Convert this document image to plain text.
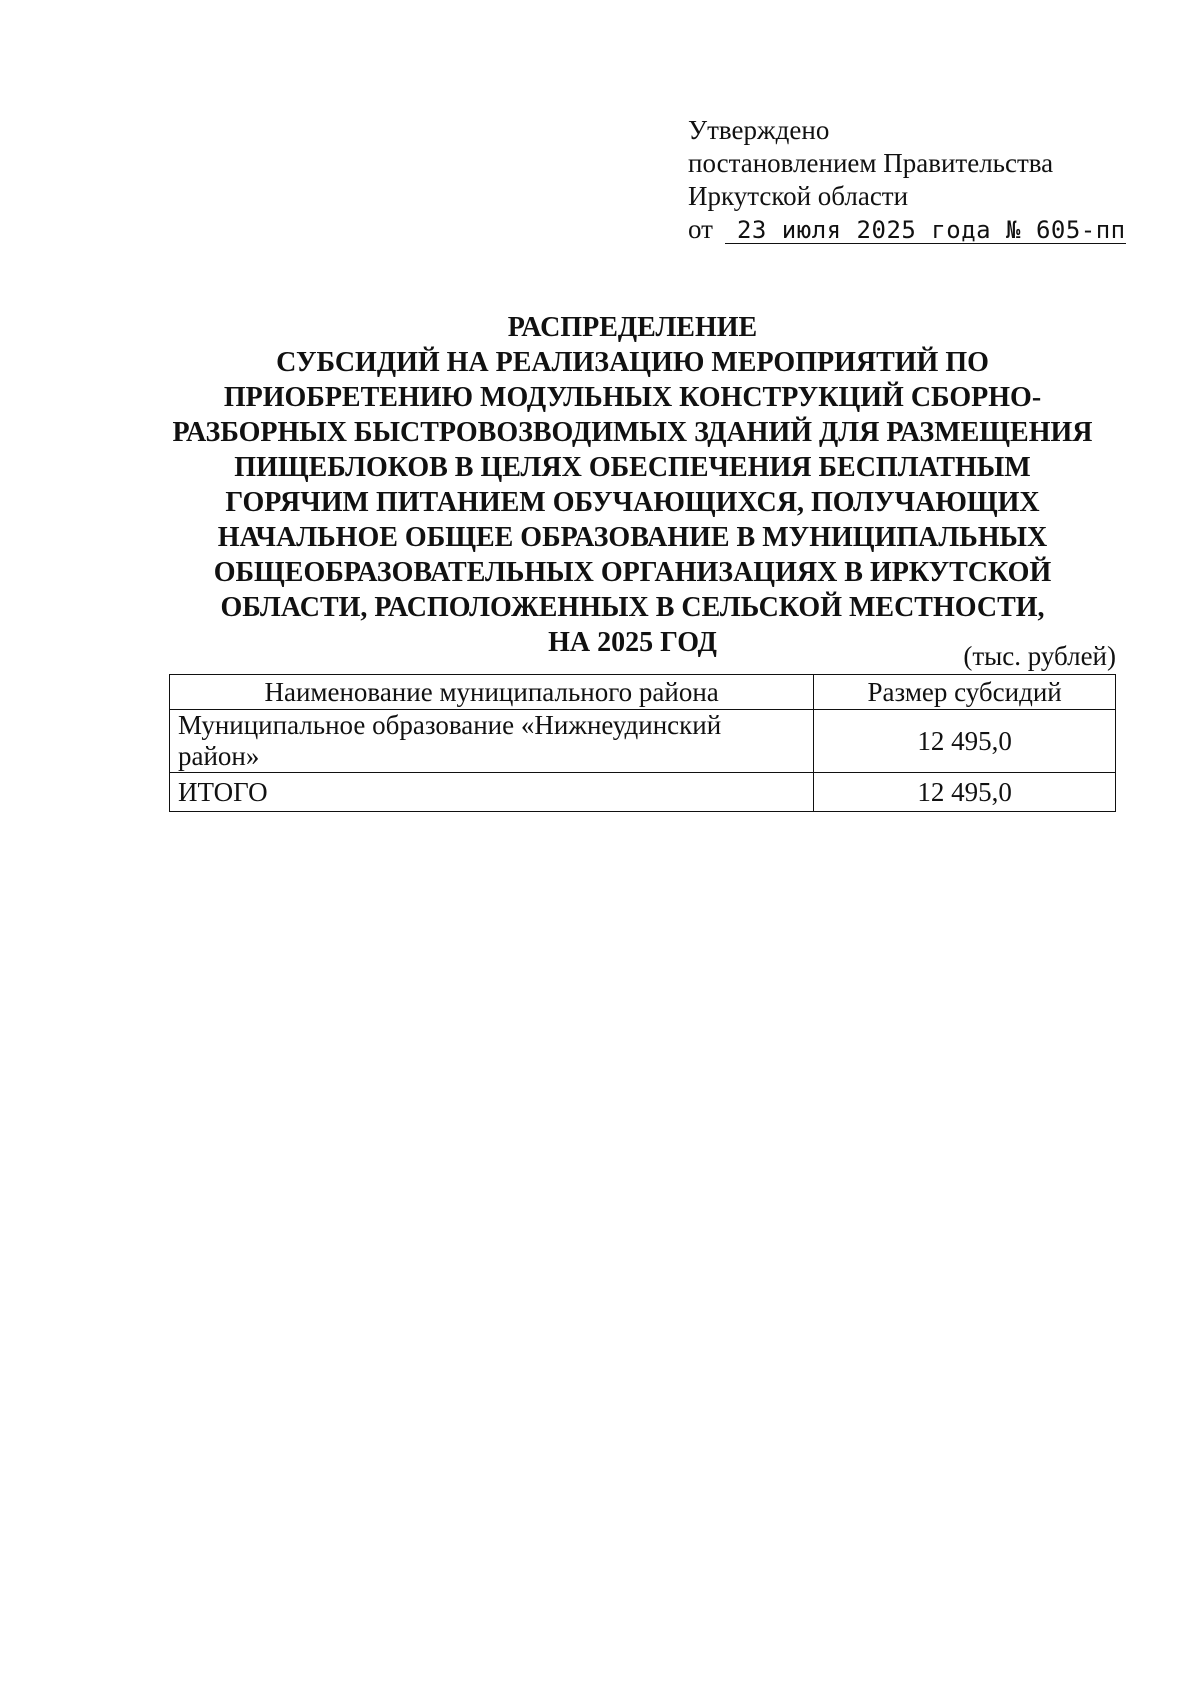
Утверждено
постановлением Правительства
Иркутской области
от 23 июля 2025 года № 605-пп
РАСПРЕДЕЛЕНИЕ
СУБСИДИЙ НА РЕАЛИЗАЦИЮ МЕРОПРИЯТИЙ ПО
ПРИОБРЕТЕНИЮ МОДУЛЬНЫХ КОНСТРУКЦИЙ СБОРНО-
РАЗБОРНЫХ БЫСТРОВОЗВОДИМЫХ ЗДАНИЙ ДЛЯ РАЗМЕЩЕНИЯ
ПИЩЕБЛОКОВ В ЦЕЛЯХ ОБЕСПЕЧЕНИЯ БЕСПЛАТНЫМ
ГОРЯЧИМ ПИТАНИЕМ ОБУЧАЮЩИХСЯ, ПОЛУЧАЮЩИХ
НАЧАЛЬНОЕ ОБЩЕЕ ОБРАЗОВАНИЕ В МУНИЦИПАЛЬНЫХ
ОБЩЕОБРАЗОВАТЕЛЬНЫХ ОРГАНИЗАЦИЯХ В ИРКУТСКОЙ
ОБЛАСТИ, РАСПОЛОЖЕННЫХ В СЕЛЬСКОЙ МЕСТНОСТИ,
НА 2025 ГОД	(тыс. рублей)
Наименование муниципального района	Размер субсидий
Муниципальное образование «Нижнеудинский
район»	12 495,0
ИТОГО	12 495,0
